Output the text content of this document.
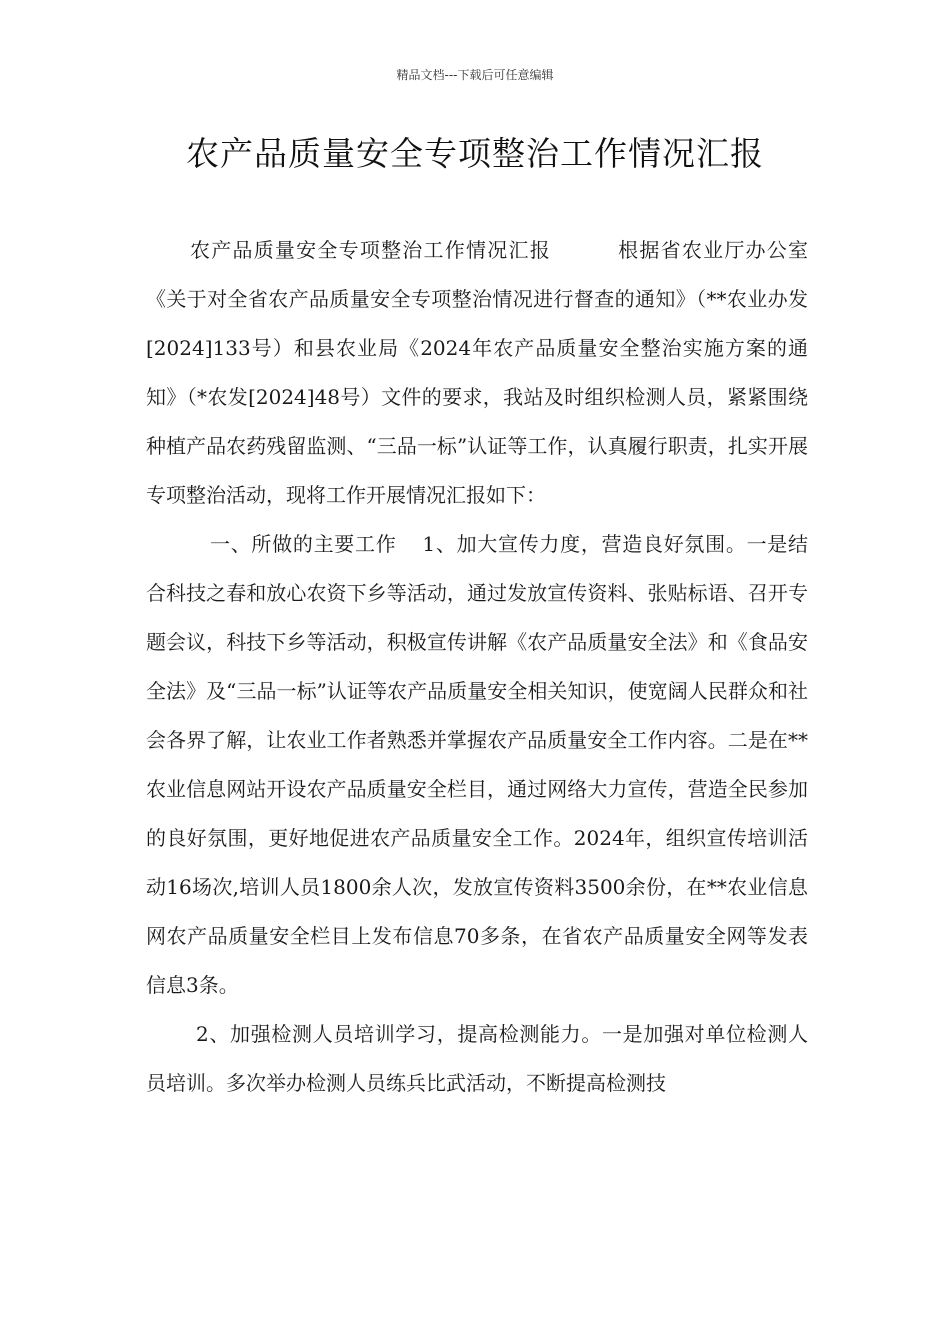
精品文档---下载后可任意编辑
农产品质量安全专项整治工作情况汇报

农产品质量安全专项整治工作情况汇报	根据省农业厅办公室《关于对全省农产品质量安全专项整治情况进行督查的通知》（**农业办发[2024]133号）和县农业局《2024年农产品质量安全整治实施方案的通知》（*农发[2024]48号）文件的要求，我站及时组织检测人员，紧紧围绕种植产品农药残留监测、“三品一标”认证等工作，认真履行职责，扎实开展专项整治活动，现将工作开展情况汇报如下：

一、所做的主要工作 1、加大宣传力度，营造良好氛围。一是结合科技之春和放心农资下乡等活动，通过发放宣传资料、张贴标语、召开专题会议，科技下乡等活动，积极宣传讲解《农产品质量安全法》和《食品安全法》及“三品一标”认证等农产品质量安全相关知识，使宽阔人民群众和社会各界了解，让农业工作者熟悉并掌握农产品质量安全工作内容。二是在**农业信息网站开设农产品质量安全栏目，通过网络大力宣传，营造全民参加的良好氛围，更好地促进农产品质量安全工作。2024年，组织宣传培训活动16场次,培训人员1800余人次，发放宣传资料3500余份，在**农业信息网农产品质量安全栏目上发布信息70多条，在省农产品质量安全网等发表信息3条。

2、加强检测人员培训学习，提高检测能力。一是加强对单位检测人员培训。多次举办检测人员练兵比武活动，不断提高检测技
